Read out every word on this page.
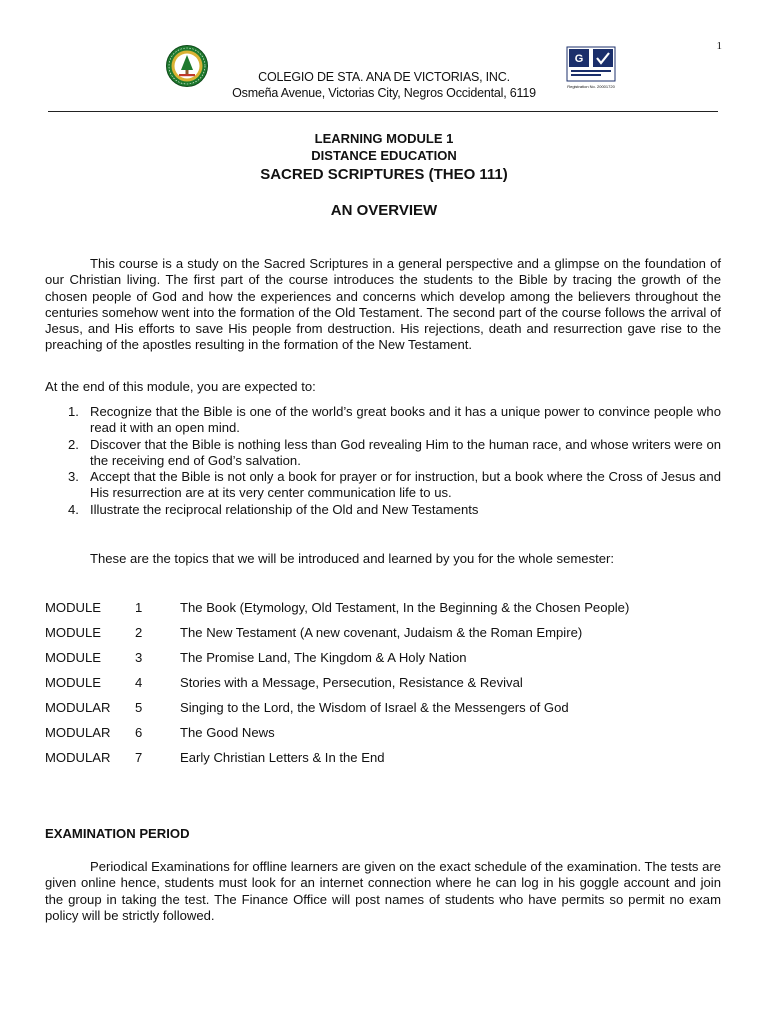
1
G
Registration No. 20001720
COLEGIO DE STA. ANA DE VICTORIAS, INC.
Osmeña Avenue, Victorias City, Negros Occidental, 6119
LEARNING MODULE 1
DISTANCE EDUCATION
SACRED SCRIPTURES (THEO 111)
AN OVERVIEW
This course is a study on the Sacred Scriptures in a general perspective and a glimpse on the foundation of our Christian living. The first part of the course introduces the students to the Bible by tracing the growth of the chosen people of God and how the experiences and concerns which develop among the believers throughout the centuries somehow went into the formation of the Old Testament. The second part of the course follows the arrival of Jesus, and His efforts to save His people from destruction. His rejections, death and resurrection gave rise to the preaching of the apostles resulting in the formation of the New Testament.
At the end of this module, you are expected to:
1. Recognize that the Bible is one of the world’s great books and it has a unique power to convince people who read it with an open mind.
2. Discover that the Bible is nothing less than God revealing Him to the human race, and whose writers were on the receiving end of God’s salvation.
3. Accept that the Bible is not only a book for prayer or for instruction, but a book where the Cross of Jesus and His resurrection are at its very center communication life to us.
4. Illustrate the reciprocal relationship of the Old and New Testaments
These are the topics that we will be introduced and learned by you for the whole semester:
MODULE	1	The Book (Etymology, Old Testament, In the Beginning & the Chosen People)
MODULE	2	The New Testament (A new covenant, Judaism & the Roman Empire)
MODULE	3	The Promise Land, The Kingdom & A Holy Nation
MODULE	4	Stories with a Message, Persecution, Resistance & Revival
MODULAR 5	Singing to the Lord, the Wisdom of Israel & the Messengers of God
MODULAR 6	The Good News
MODULAR 7	Early Christian Letters & In the End
EXAMINATION PERIOD
Periodical Examinations for offline learners are given on the exact schedule of the examination. The tests are given online hence, students must look for an internet connection where he can log in his goggle account and join the group in taking the test. The Finance Office will post names of students who have permits so permit no exam policy will be strictly followed.
